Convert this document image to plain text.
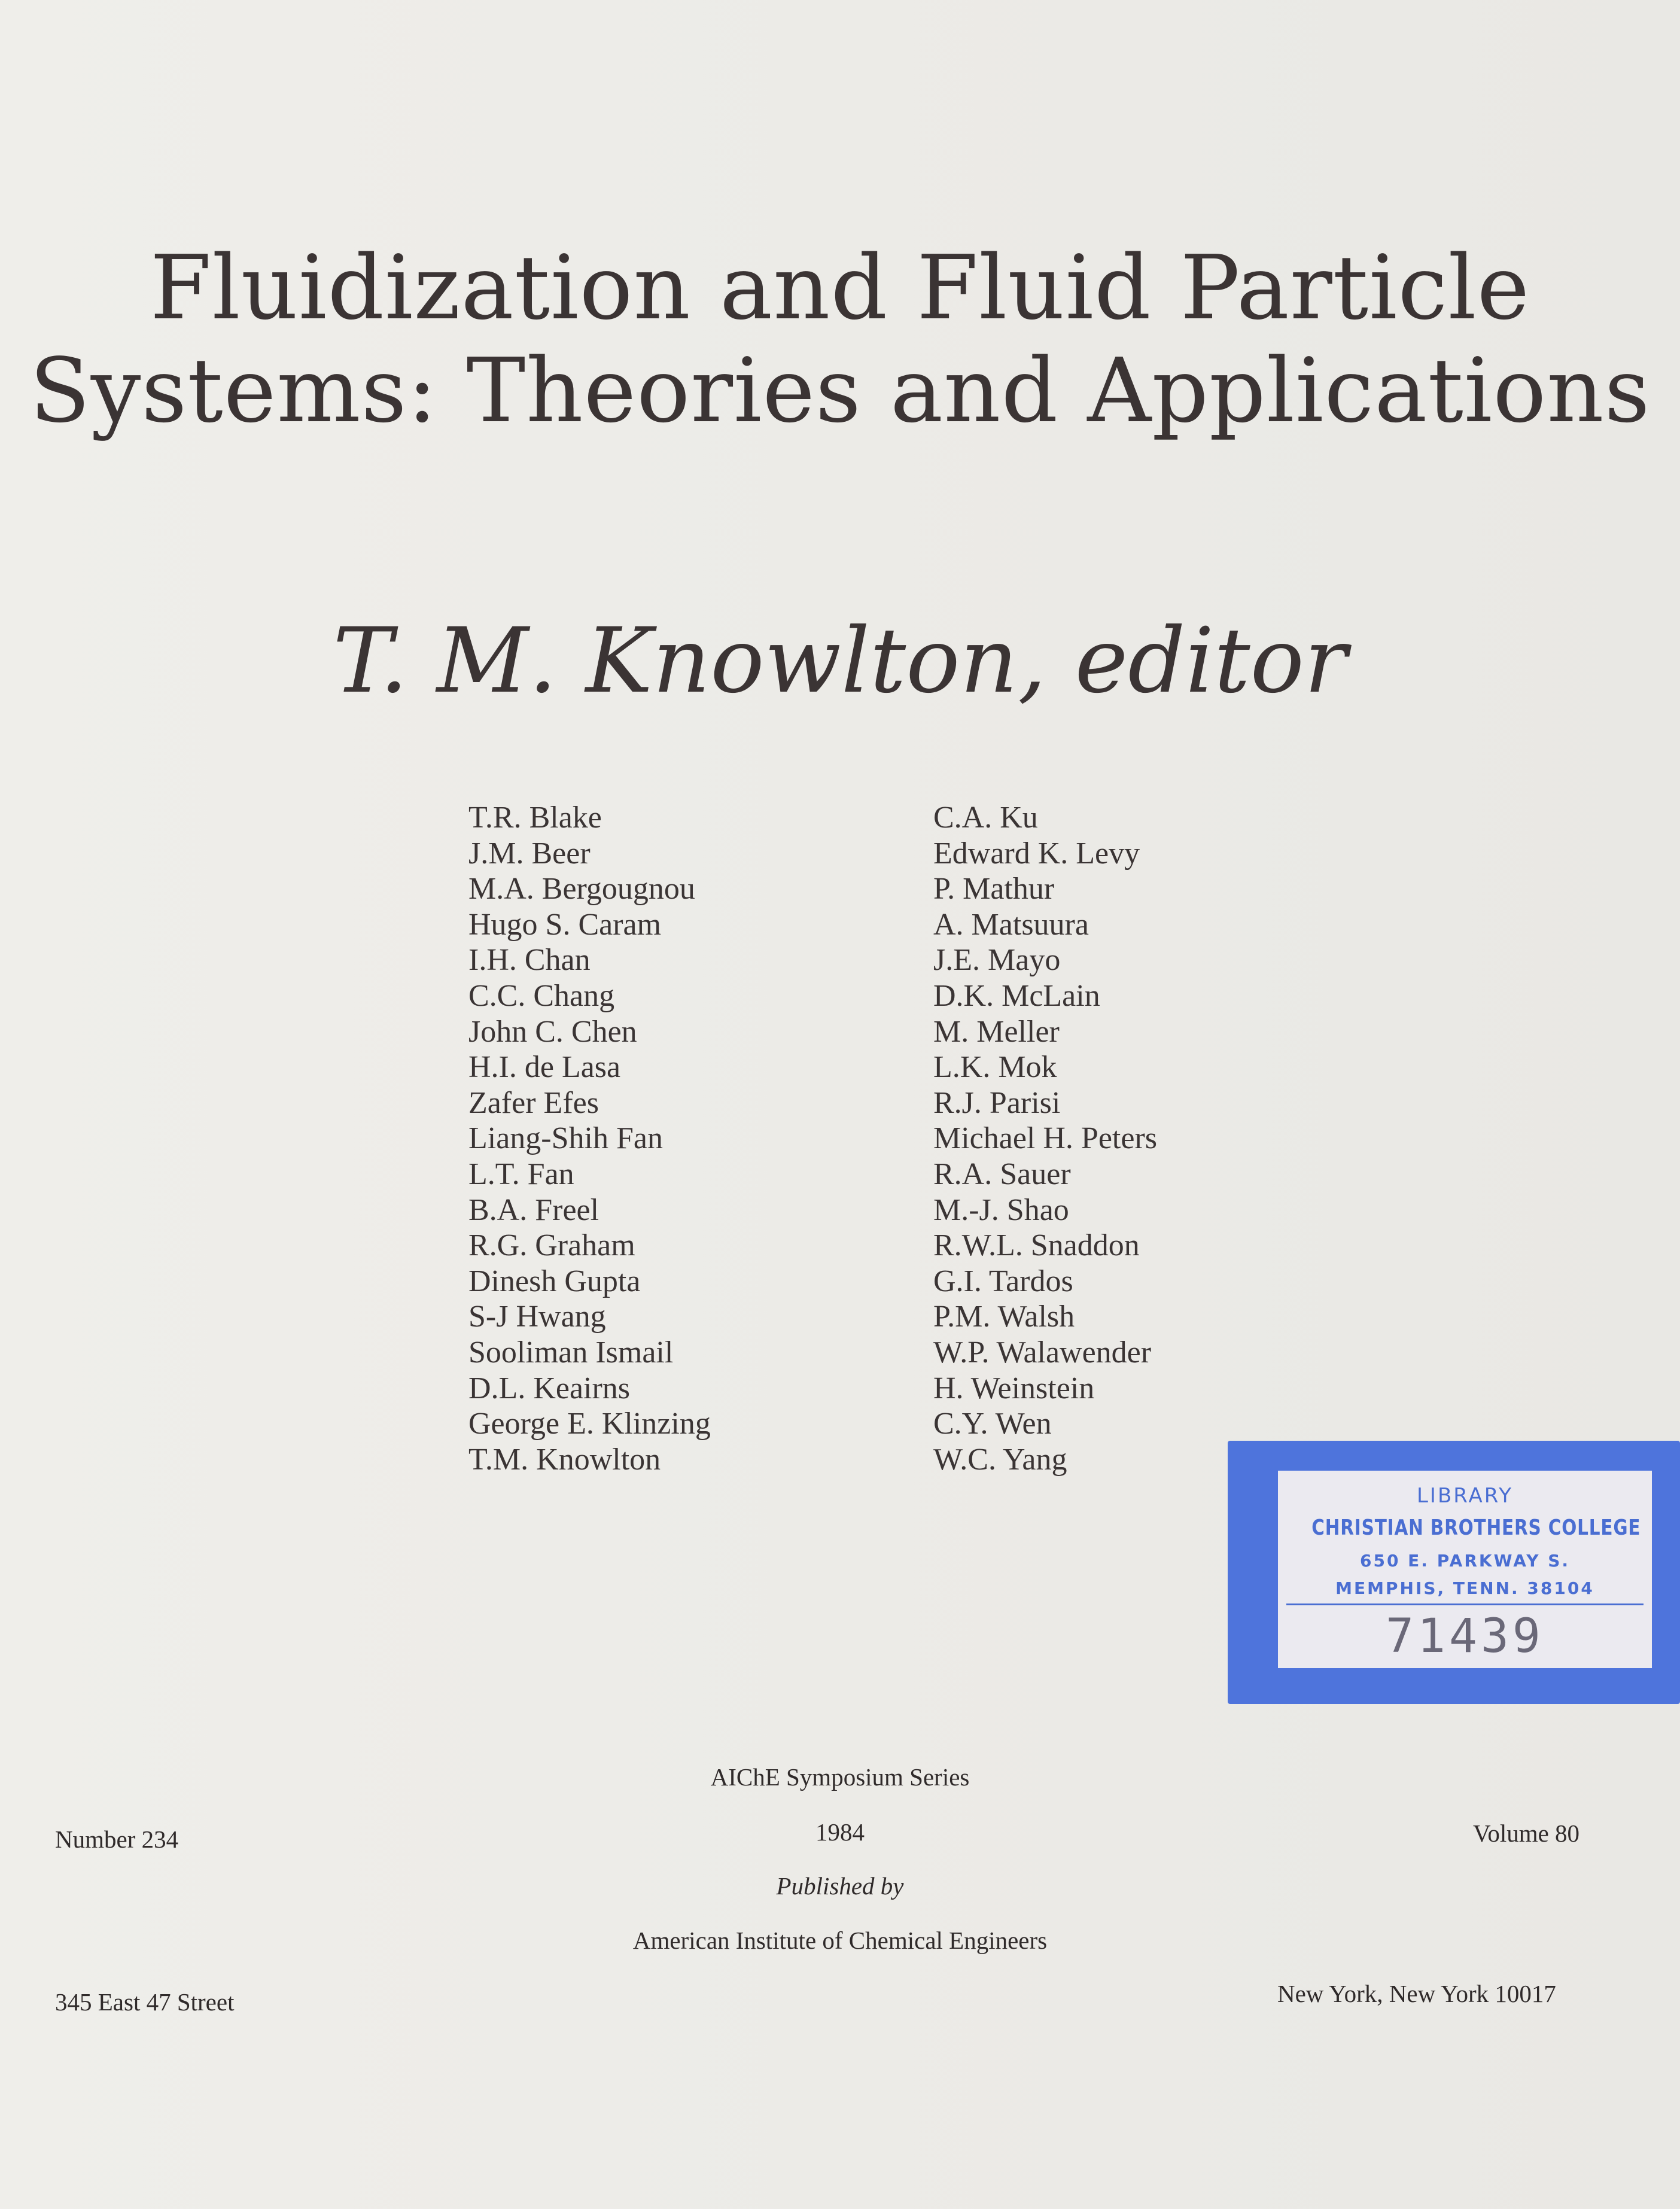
Fluidization and Fluid Particle
Systems: Theories and Applications
T. M. Knowlton, editor
T.R. Blake
J.M. Beer
M.A. Bergougnou
Hugo S. Caram
I.H. Chan
C.C. Chang
John C. Chen
H.I. de Lasa
Zafer Efes
Liang-Shih Fan
L.T. Fan
B.A. Freel
R.G. Graham
Dinesh Gupta
S-J Hwang
Sooliman Ismail
D.L. Keairns
George E. Klinzing
T.M. Knowlton
C.A. Ku
Edward K. Levy
P. Mathur
A. Matsuura
J.E. Mayo
D.K. McLain
M. Meller
L.K. Mok
R.J. Parisi
Michael H. Peters
R.A. Sauer
M.-J. Shao
R.W.L. Snaddon
G.I. Tardos
P.M. Walsh
W.P. Walawender
H. Weinstein
C.Y. Wen
W.C. Yang
LIBRARY
CHRISTIAN BROTHERS COLLEGE
650 E. PARKWAY S.
MEMPHIS, TENN. 38104
71439
AIChE Symposium Series
Number 234	1984	Volume 80
Published by
American Institute of Chemical Engineers
345 East 47 Street	New York, New York 10017
